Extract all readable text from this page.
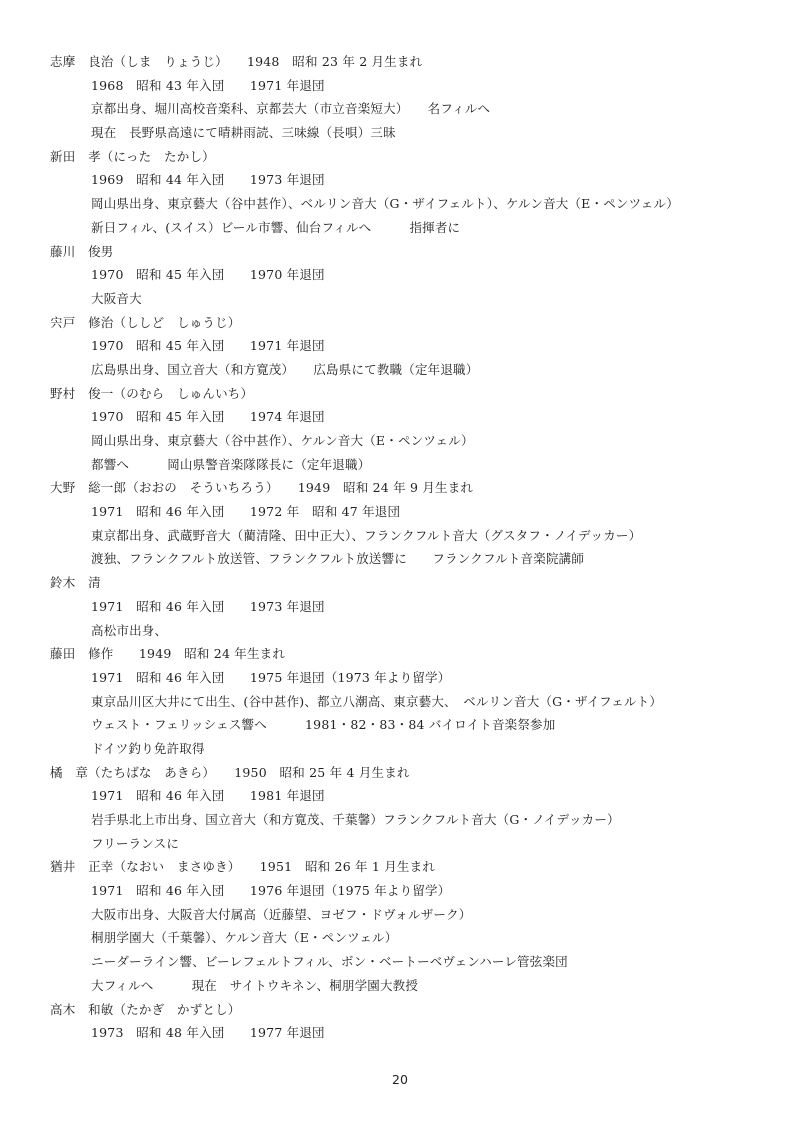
志摩　良治（しま　りょうじ）　　1948　昭和 23 年 2 月生まれ
1968　昭和 43 年入団　　1971 年退団
京都出身、堀川高校音楽科、京都芸大（市立音楽短大）　　名フィルへ
現在　長野県高遠にて晴耕雨読、三味線（長唄）三昧
新田　孝（にった　たかし）
1969　昭和 44 年入団　　1973 年退団
岡山県出身、東京藝大（谷中甚作）、ベルリン音大（G・ザイフェルト）、ケルン音大（E・ペンツェル）
新日フィル、(スイス）ビール市響、仙台フィルへ　　　指揮者に
藤川　俊男
1970　昭和 45 年入団　　1970 年退団
大阪音大
宍戸　修治（ししど　しゅうじ）
1970　昭和 45 年入団　　1971 年退団
広島県出身、国立音大（和方寛茂）　　広島県にて教職（定年退職）
野村　俊一（のむら　しゅんいち）
1970　昭和 45 年入団　　1974 年退団
岡山県出身、東京藝大（谷中甚作）、ケルン音大（E・ペンツェル）
都響へ　　　岡山県警音楽隊隊長に（定年退職）
大野　総一郎（おおの　そういちろう）　　1949　昭和 24 年 9 月生まれ
1971　昭和 46 年入団　　1972 年　昭和 47 年退団
東京都出身、武蔵野音大（藺清隆、田中正大）、フランクフルト音大（グスタフ・ノイデッカー）
渡独、フランクフルト放送管、フランクフルト放送響に　　フランクフルト音楽院講師
鈴木　清
1971　昭和 46 年入団　　1973 年退団
高松市出身、
藤田　修作　　1949　昭和 24 年生まれ
1971　昭和 46 年入団　　1975 年退団（1973 年より留学）
東京品川区大井にて出生、(谷中甚作)、都立八潮高、東京藝大、　ベルリン音大（G・ザイフェルト）
ウェスト・フェリッシェス響へ　　　1981・82・83・84 バイロイト音楽祭参加
ドイツ釣り免許取得
橘　章（たちばな　あきら）　　1950　昭和 25 年 4 月生まれ
1971　昭和 46 年入団　　1981 年退団
岩手県北上市出身、国立音大（和方寛茂、千葉馨）フランクフルト音大（G・ノイデッカー）
フリーランスに
猶井　正幸（なおい　まさゆき）　　1951　昭和 26 年 1 月生まれ
1971　昭和 46 年入団　　1976 年退団（1975 年より留学）
大阪市出身、大阪音大付属高（近藤望、ヨゼフ・ドヴォルザーク）
桐朋学園大（千葉馨）、ケルン音大（E・ペンツェル）
ニーダーライン響、ビーレフェルトフィル、ボン・ベートーベヴェンハーレ管弦楽団
大フィルへ　　　現在　サイトウキネン、桐朋学園大教授
高木　和敏（たかぎ　かずとし）
1973　昭和 48 年入団　　1977 年退団
20
